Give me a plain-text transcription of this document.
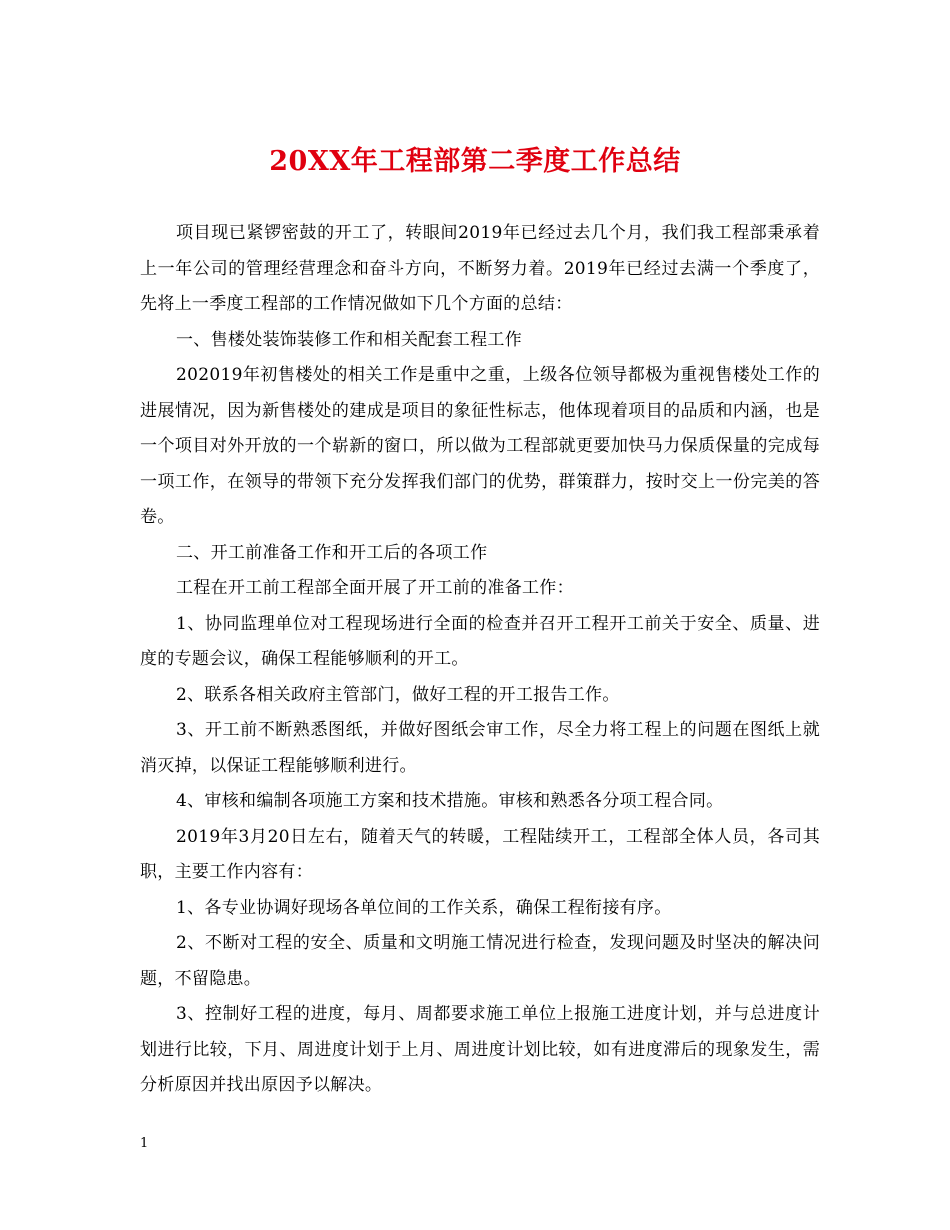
20XX年工程部第二季度工作总结

项目现已紧锣密鼓的开工了，转眼间2019年已经过去几个月，我们我工程部秉承着上一年公司的管理经营理念和奋斗方向，不断努力着。2019年已经过去满一个季度了，先将上一季度工程部的工作情况做如下几个方面的总结：

一、售楼处装饰装修工作和相关配套工程工作

202019年初售楼处的相关工作是重中之重，上级各位领导都极为重视售楼处工作的进展情况，因为新售楼处的建成是项目的象征性标志，他体现着项目的品质和内涵，也是一个项目对外开放的一个崭新的窗口，所以做为工程部就更要加快马力保质保量的完成每一项工作，在领导的带领下充分发挥我们部门的优势，群策群力，按时交上一份完美的答卷。

二、开工前准备工作和开工后的各项工作

工程在开工前工程部全面开展了开工前的准备工作：

1、协同监理单位对工程现场进行全面的检查并召开工程开工前关于安全、质量、进度的专题会议，确保工程能够顺利的开工。

2、联系各相关政府主管部门，做好工程的开工报告工作。

3、开工前不断熟悉图纸，并做好图纸会审工作，尽全力将工程上的问题在图纸上就消灭掉，以保证工程能够顺利进行。

4、审核和编制各项施工方案和技术措施。审核和熟悉各分项工程合同。

2019年3月20日左右，随着天气的转暖，工程陆续开工，工程部全体人员，各司其职，主要工作内容有：

1、各专业协调好现场各单位间的工作关系，确保工程衔接有序。

2、不断对工程的安全、质量和文明施工情况进行检查，发现问题及时坚决的解决问题，不留隐患。

3、控制好工程的进度，每月、周都要求施工单位上报施工进度计划，并与总进度计划进行比较，下月、周进度计划于上月、周进度计划比较，如有进度滞后的现象发生，需分析原因并找出原因予以解决。

1
